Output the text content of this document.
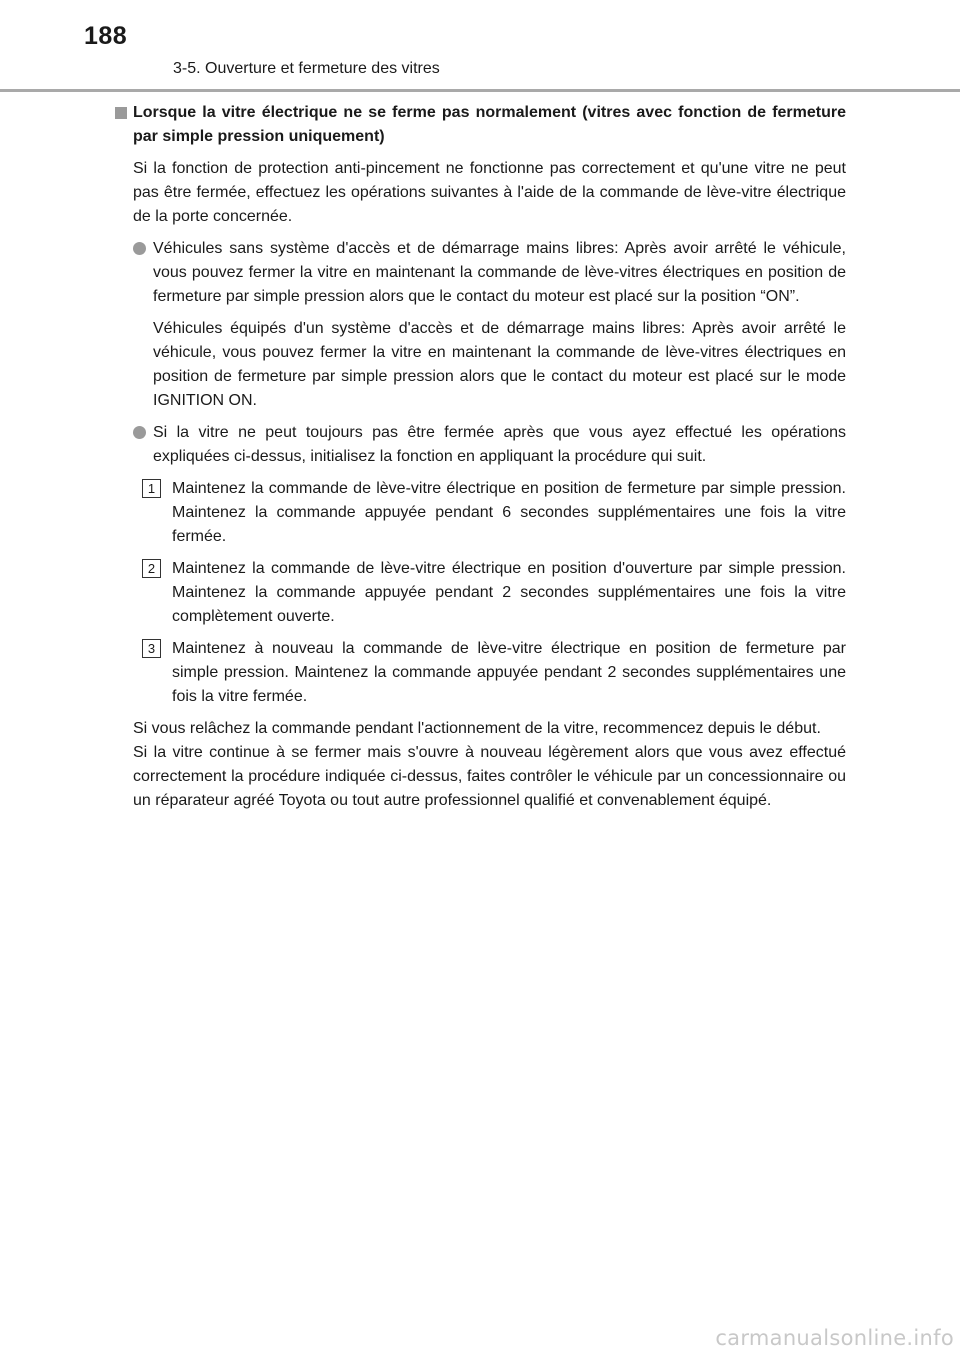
188
3-5. Ouverture et fermeture des vitres
Lorsque la vitre électrique ne se ferme pas normalement (vitres avec fonction de fermeture par simple pression uniquement)

Si la fonction de protection anti-pincement ne fonctionne pas correctement et qu'une vitre ne peut pas être fermée, effectuez les opérations suivantes à l'aide de la commande de lève-vitre électrique de la porte concernée.

Véhicules sans système d'accès et de démarrage mains libres: Après avoir arrêté le véhicule, vous pouvez fermer la vitre en maintenant la commande de lève-vitres électriques en position de fermeture par simple pression alors que le contact du moteur est placé sur la position “ON”.

Véhicules équipés d'un système d'accès et de démarrage mains libres: Après avoir arrêté le véhicule, vous pouvez fermer la vitre en maintenant la commande de lève-vitres électriques en position de fermeture par simple pression alors que le contact du moteur est placé sur le mode IGNITION ON.

Si la vitre ne peut toujours pas être fermée après que vous ayez effectué les opérations expliquées ci-dessus, initialisez la fonction en appliquant la procédure qui suit.
1	Maintenez la commande de lève-vitre électrique en position de fermeture par simple pression. Maintenez la commande appuyée pendant 6 secondes supplémentaires une fois la vitre fermée.
2	Maintenez la commande de lève-vitre électrique en position d'ouverture par simple pression. Maintenez la commande appuyée pendant 2 secondes supplémentaires une fois la vitre complètement ouverte.
3	Maintenez à nouveau la commande de lève-vitre électrique en position de fermeture par simple pression. Maintenez la commande appuyée pendant 2 secondes supplémentaires une fois la vitre fermée.

Si vous relâchez la commande pendant l'actionnement de la vitre, recommencez depuis le début.
Si la vitre continue à se fermer mais s'ouvre à nouveau légèrement alors que vous avez effectué correctement la procédure indiquée ci-dessus, faites contrôler le véhicule par un concessionnaire ou un réparateur agréé Toyota ou tout autre professionnel qualifié et convenablement équipé.

carmanualsonline.info
